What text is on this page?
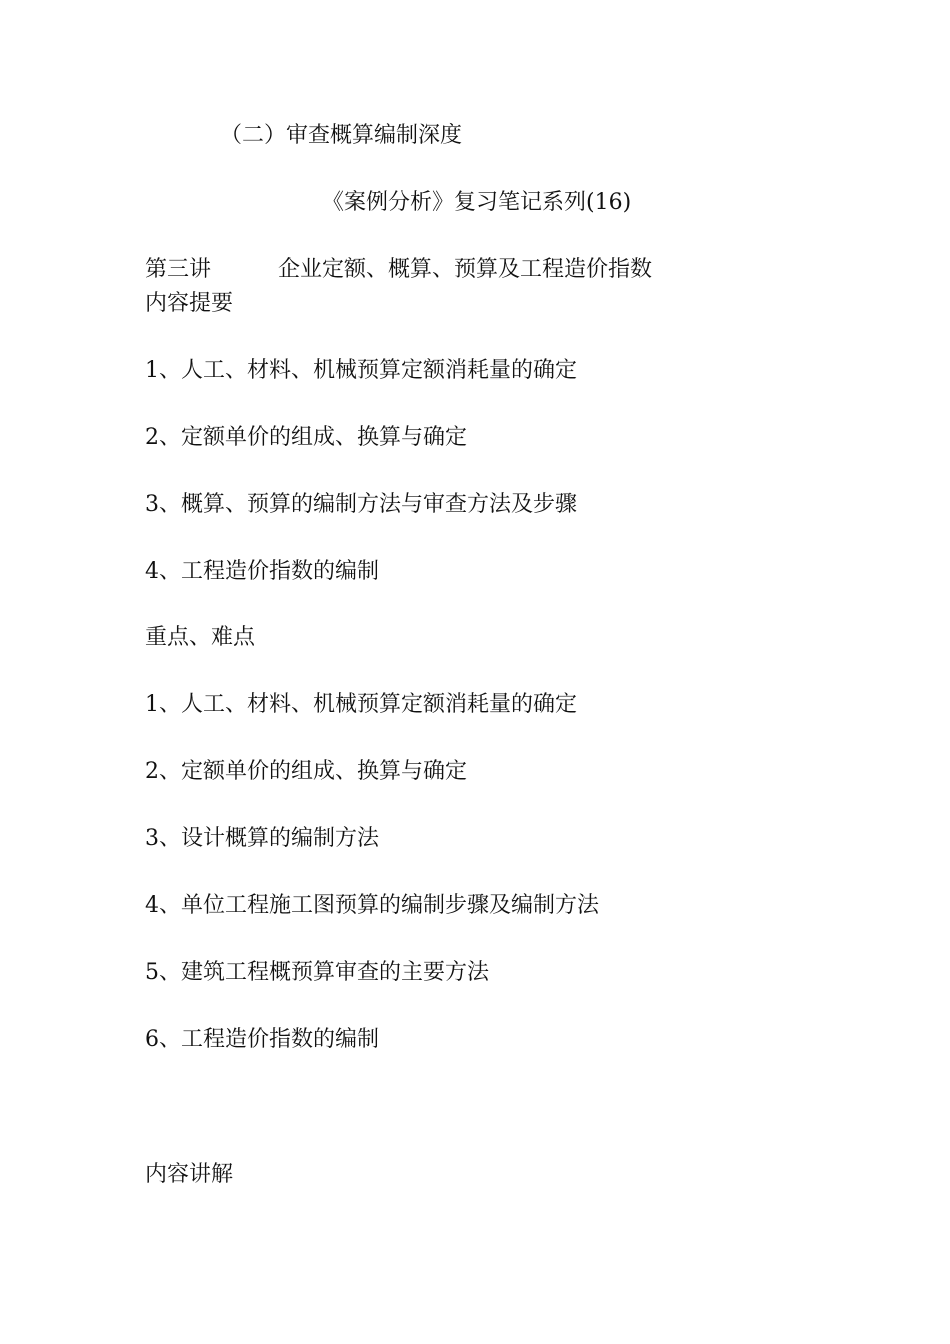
（二）审查概算编制深度
《案例分析》复习笔记系列(16)
第三讲	企业定额、概算、预算及工程造价指数
内容提要
1、人工、材料、机械预算定额消耗量的确定
2、定额单价的组成、换算与确定
3、概算、预算的编制方法与审查方法及步骤
4、工程造价指数的编制
重点、难点
1、人工、材料、机械预算定额消耗量的确定
2、定额单价的组成、换算与确定
3、设计概算的编制方法
4、单位工程施工图预算的编制步骤及编制方法
5、建筑工程概预算审查的主要方法
6、工程造价指数的编制
内容讲解
